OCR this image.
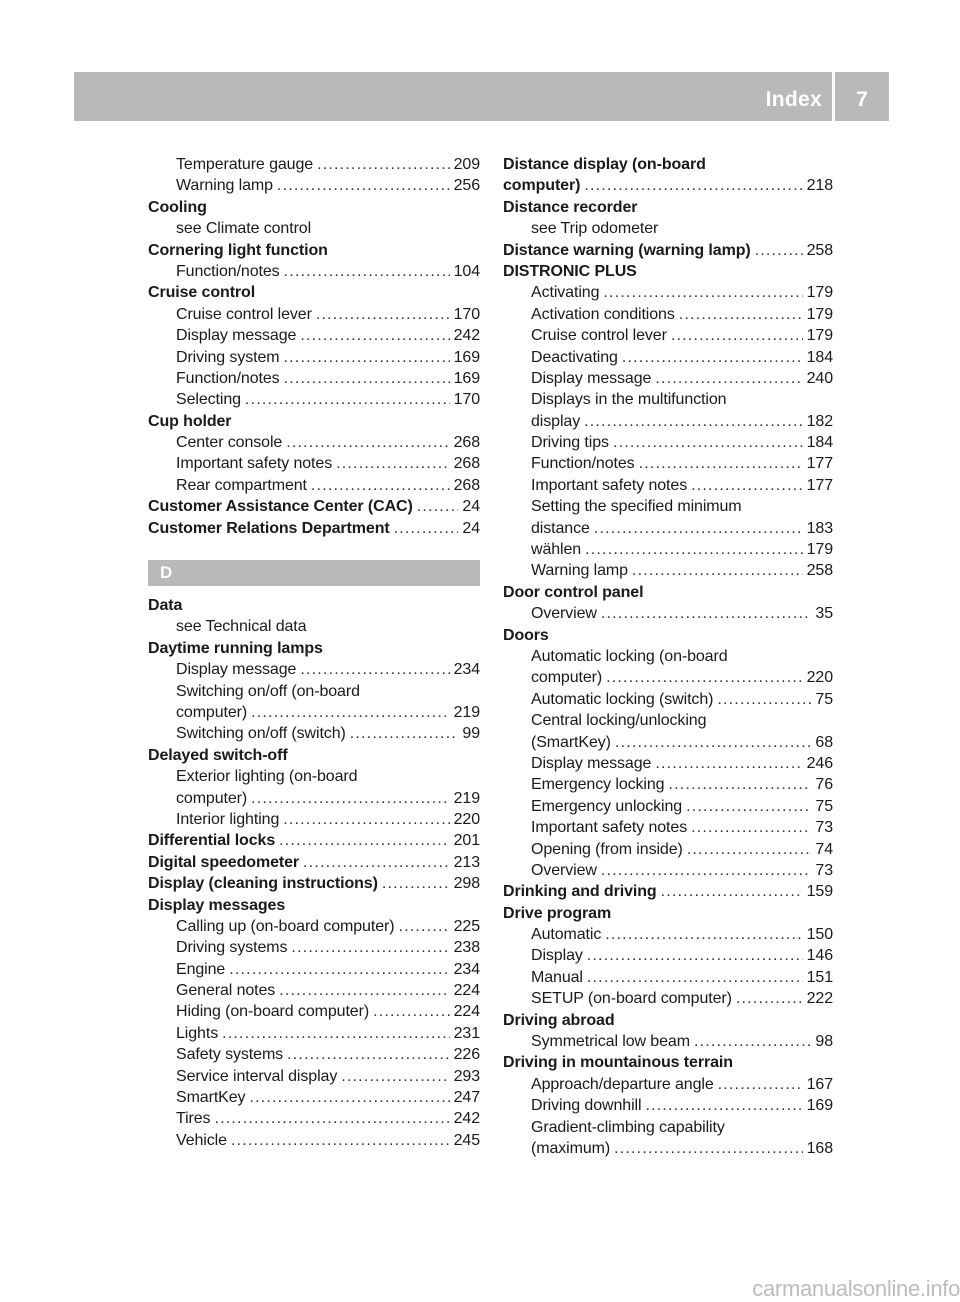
Index	7
Temperature gauge .....	209
Warning lamp .....	256
Cooling
see Climate control
Cornering light function
Function/notes .....	104
Cruise control
Cruise control lever .....	170
Display message .....	242
Driving system .....	169
Function/notes .....	169
Selecting .....	170
Cup holder
Center console .....	268
Important safety notes .....	268
Rear compartment .....	268
Customer Assistance Center (CAC) .....	24
Customer Relations Department .....	24
D
Data
see Technical data
Daytime running lamps
Display message .....	234
Switching on/off (on-board
computer) .....	219
Switching on/off (switch) .....	99
Delayed switch-off
Exterior lighting (on-board
computer) .....	219
Interior lighting .....	220
Differential locks .....	201
Digital speedometer .....	213
Display (cleaning instructions) .....	298
Display messages
Calling up (on-board computer) .....	225
Driving systems .....	238
Engine .....	234
General notes .....	224
Hiding (on-board computer) .....	224
Lights .....	231
Safety systems .....	226
Service interval display .....	293
SmartKey .....	247
Tires .....	242
Vehicle .....	245
Distance display (on-board
computer) .....	218
Distance recorder
see Trip odometer
Distance warning (warning lamp) .....	258
DISTRONIC PLUS
Activating .....	179
Activation conditions .....	179
Cruise control lever .....	179
Deactivating .....	184
Display message .....	240
Displays in the multifunction
display .....	182
Driving tips .....	184
Function/notes .....	177
Important safety notes .....	177
Setting the specified minimum
distance .....	183
wählen .....	179
Warning lamp .....	258
Door control panel
Overview .....	35
Doors
Automatic locking (on-board
computer) .....	220
Automatic locking (switch) .....	75
Central locking/unlocking
(SmartKey) .....	68
Display message .....	246
Emergency locking .....	76
Emergency unlocking .....	75
Important safety notes .....	73
Opening (from inside) .....	74
Overview .....	73
Drinking and driving .....	159
Drive program
Automatic .....	150
Display .....	146
Manual .....	151
SETUP (on-board computer) .....	222
Driving abroad
Symmetrical low beam .....	98
Driving in mountainous terrain
Approach/departure angle .....	167
Driving downhill .....	169
Gradient-climbing capability
(maximum) .....	168
carmanualsonline.info
